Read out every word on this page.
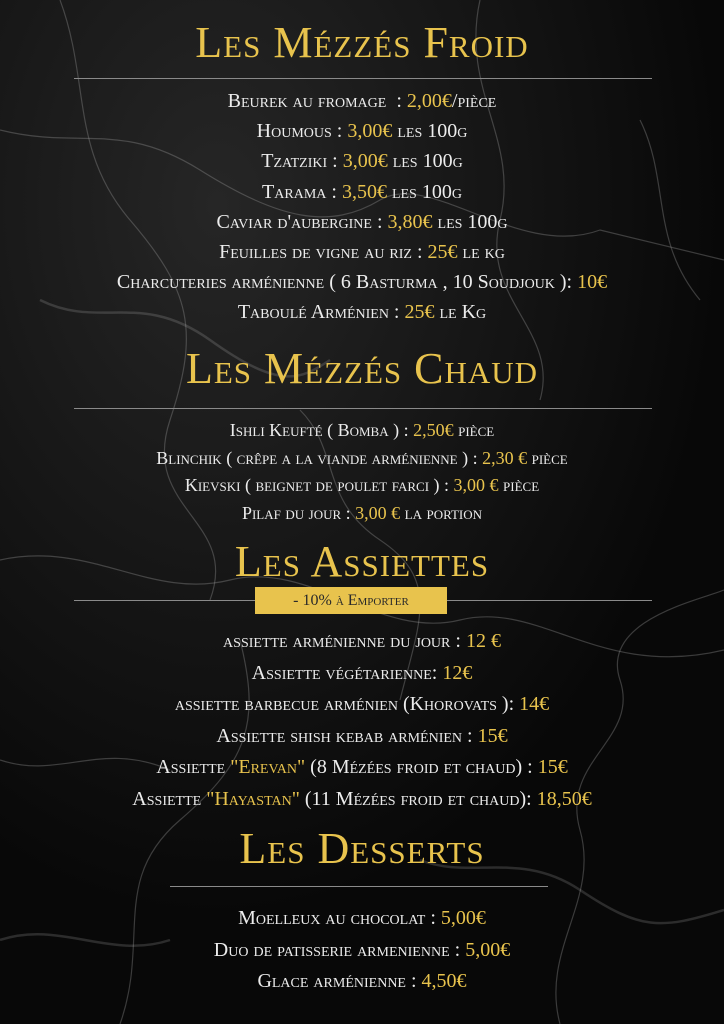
Les Mézzés Froid
Beurek au fromage  : 2,00€/pièce
Houmous : 3,00€ les 100g
Tzatziki : 3,00€ les 100g
Tarama : 3,50€ les 100g
Caviar d'aubergine : 3,80€ les 100g
Feuilles de vigne au riz : 25€ le kg
Charcuteries arménienne ( 6 Basturma , 10 Soudjouk ): 10€
Taboulé Arménien : 25€ le Kg
Les Mézzés Chaud
Ishli Keufté ( Bomba ) : 2,50€ pièce
Blinchik ( crêpe a la viande arménienne ) : 2,30 € pièce
Kievski ( beignet de poulet farci ) : 3,00 € pièce
Pilaf du jour : 3,00 € la portion
Les Assiettes
- 10% à Emporter
assiette arménienne du jour : 12 €
Assiette végétarienne: 12€
assiette barbecue arménien (Khorovats ): 14€
Assiette shish kebab arménien : 15€
Assiette "Erevan" (8 Mézées froid et chaud) : 15€
Assiette "Hayastan" (11 Mézées froid et chaud): 18,50€
Les Desserts
Moelleux au chocolat : 5,00€
Duo de patisserie armenienne : 5,00€
Glace arménienne : 4,50€
